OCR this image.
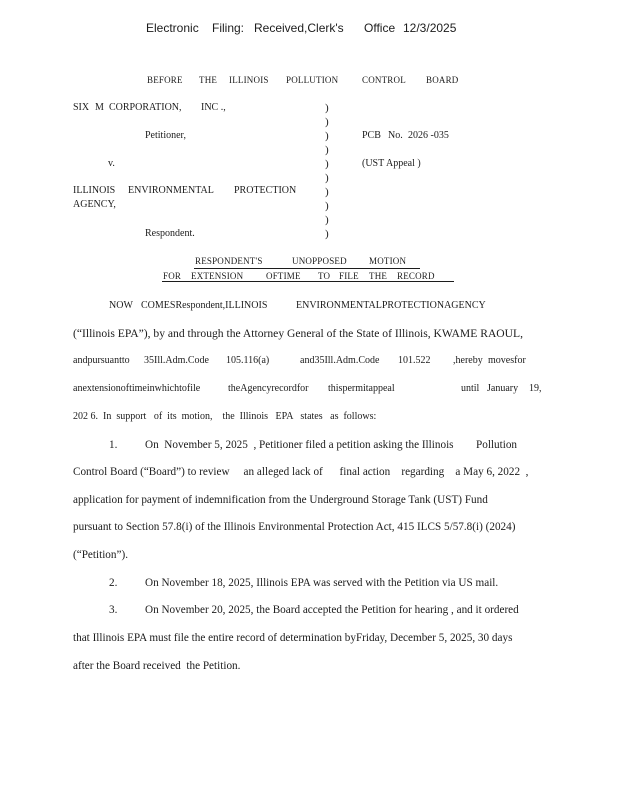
Electronic Filing: Received,Clerk's Office 12/3/2025
BEFORE THE ILLINOIS POLLUTION	CONTROL BOARD
SIX M CORPORATION, INC .,
Petitioner,
v.
ILLINOIS ENVIRONMENTAL PROTECTION
AGENCY,
Respondent.
)
)
)
)
)
)
)
)
)
)
PCB No. 2026 -035
(UST Appeal )
RESPONDENT'S	UNOPPOSED MOTION
FOR EXTENSION	OFTIME TO FILE THE RECORD
NOW COMESRespondent,ILLINOIS	ENVIRONMENTALPROTECTIONAGENCY
(“Illinois EPA”), by and through the Attorney General of the State of Illinois, KWAME RAOUL,
andpursuantto 35Ill.Adm.Code 105.116(a)	and35Ill.Adm.Code 101.522 ,hereby movesfor
anextensionoftimeinwhichtofile	theAgencyrecordfor thispermitappeal	until January 19,
202 6.  In  support   of  its  motion,    the  Illinois   EPA   states   as  follows:
1. On  November 5, 2025  , Petitioner filed a petition asking the Illinois Pollution
Control Board (“Board”) to review     an alleged lack of      final action    regarding    a May 6, 2022  ,
application for payment of indemnification from the Underground Storage Tank (UST) Fund
pursuant to Section 57.8(i) of the Illinois Environmental Protection Act, 415 ILCS 5/57.8(i) (2024)
(“Petition”).
2. On November 18, 2025, Illinois EPA was served with the Petition via US mail.
3. On November 20, 2025, the Board accepted the Petition for hearing , and it ordered
that Illinois EPA must file the entire record of determination byFriday, December 5, 2025, 30 days
after the Board received  the Petition.
